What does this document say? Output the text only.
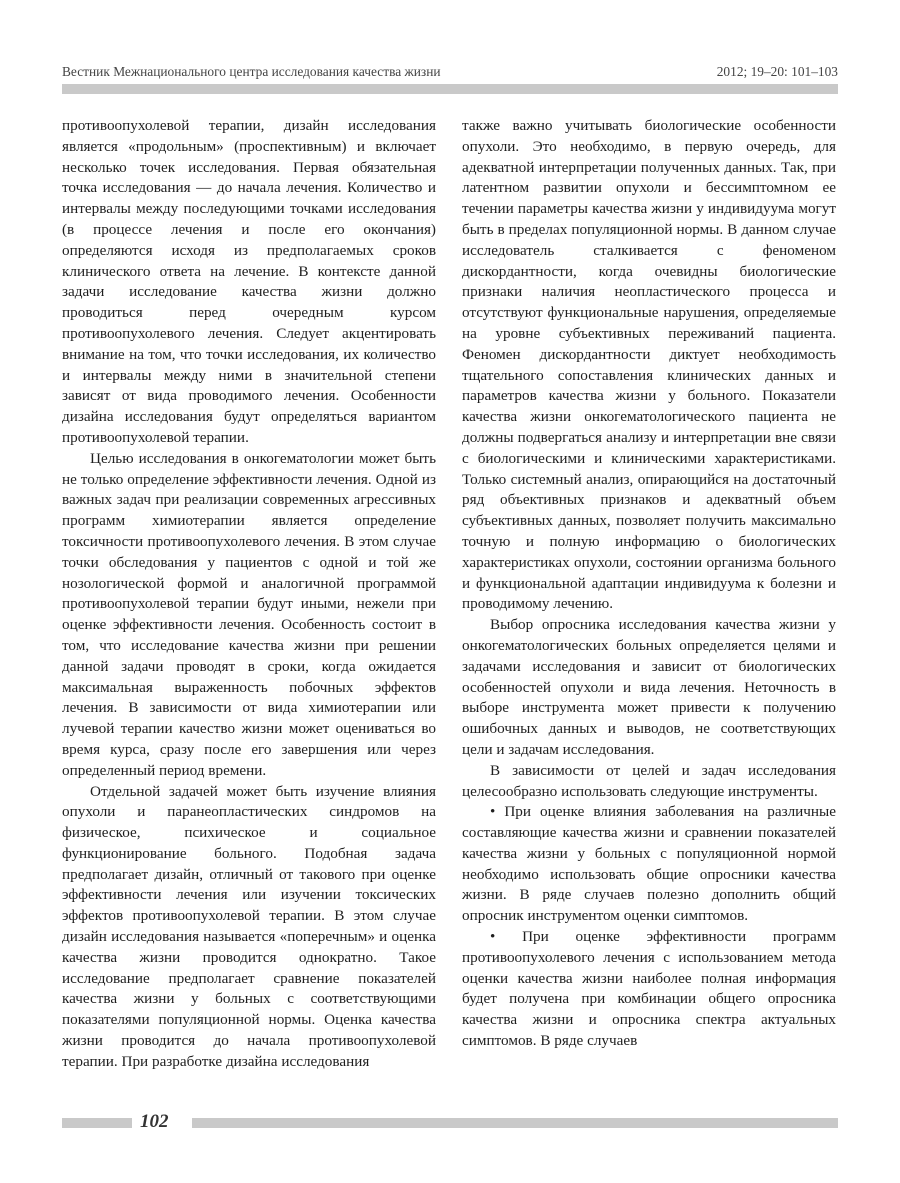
Вестник Межнационального центра исследования качества жизни	2012; 19–20: 101–103

противоопухолевой терапии, дизайн исследования является «продольным» (проспективным) и включает несколько точек исследования. Первая обязательная точка исследования — до начала лечения. Количество и интервалы между последующими точками исследования (в процессе лечения и после его окончания) определяются исходя из предполагаемых сроков клинического ответа на лечение. В контексте данной задачи исследование качества жизни должно проводиться перед очередным курсом противоопухолевого лечения. Следует акцентировать внимание на том, что точки исследования, их количество и интервалы между ними в значительной степени зависят от вида проводимого лечения. Особенности дизайна исследования будут определяться вариантом противоопухолевой терапии.

Целью исследования в онкогематологии может быть не только определение эффективности лечения. Одной из важных задач при реализации современных агрессивных программ химиотерапии является определение токсичности противоопухолевого лечения. В этом случае точки обследования у пациентов с одной и той же нозологической формой и аналогичной программой противоопухолевой терапии будут иными, нежели при оценке эффективности лечения. Особенность состоит в том, что исследование качества жизни при решении данной задачи проводят в сроки, когда ожидается максимальная выраженность побочных эффектов лечения. В зависимости от вида химиотерапии или лучевой терапии качество жизни может оцениваться во время курса, сразу после его завершения или через определенный период времени.

Отдельной задачей может быть изучение влияния опухоли и паранеопластических синдромов на физическое, психическое и социальное функционирование больного. Подобная задача предполагает дизайн, отличный от такового при оценке эффективности лечения или изучении токсических эффектов противоопухолевой терапии. В этом случае дизайн исследования называется «поперечным» и оценка качества жизни проводится однократно. Такое исследование предполагает сравнение показателей качества жизни у больных с соответствующими показателями популяционной нормы. Оценка качества жизни проводится до начала противоопухолевой терапии. При разработке дизайна исследования

также важно учитывать биологические особенности опухоли. Это необходимо, в первую очередь, для адекватной интерпретации полученных данных. Так, при латентном развитии опухоли и бессимптомном ее течении параметры качества жизни у индивидуума могут быть в пределах популяционной нормы. В данном случае исследователь сталкивается с феноменом дискордантности, когда очевидны биологические признаки наличия неопластического процесса и отсутствуют функциональные нарушения, определяемые на уровне субъективных переживаний пациента. Феномен дискордантности диктует необходимость тщательного сопоставления клинических данных и параметров качества жизни у больного. Показатели качества жизни онкогематологического пациента не должны подвергаться анализу и интерпретации вне связи с биологическими и клиническими характеристиками. Только системный анализ, опирающийся на достаточный ряд объективных признаков и адекватный объем субъективных данных, позволяет получить максимально точную и полную информацию о биологических характеристиках опухоли, состоянии организма больного и функциональной адаптации индивидуума к болезни и проводимому лечению.

Выбор опросника исследования качества жизни у онкогематологических больных определяется целями и задачами исследования и зависит от биологических особенностей опухоли и вида лечения. Неточность в выборе инструмента может привести к получению ошибочных данных и выводов, не соответствующих цели и задачам исследования.

В зависимости от целей и задач исследования целесообразно использовать следующие инструменты.

• При оценке влияния заболевания на различные составляющие качества жизни и сравнении показателей качества жизни у больных с популяционной нормой необходимо использовать общие опросники качества жизни. В ряде случаев полезно дополнить общий опросник инструментом оценки симптомов.

• При оценке эффективности программ противоопухолевого лечения с использованием метода оценки качества жизни наиболее полная информация будет получена при комбинации общего опросника качества жизни и опросника спектра актуальных симптомов. В ряде случаев

102
